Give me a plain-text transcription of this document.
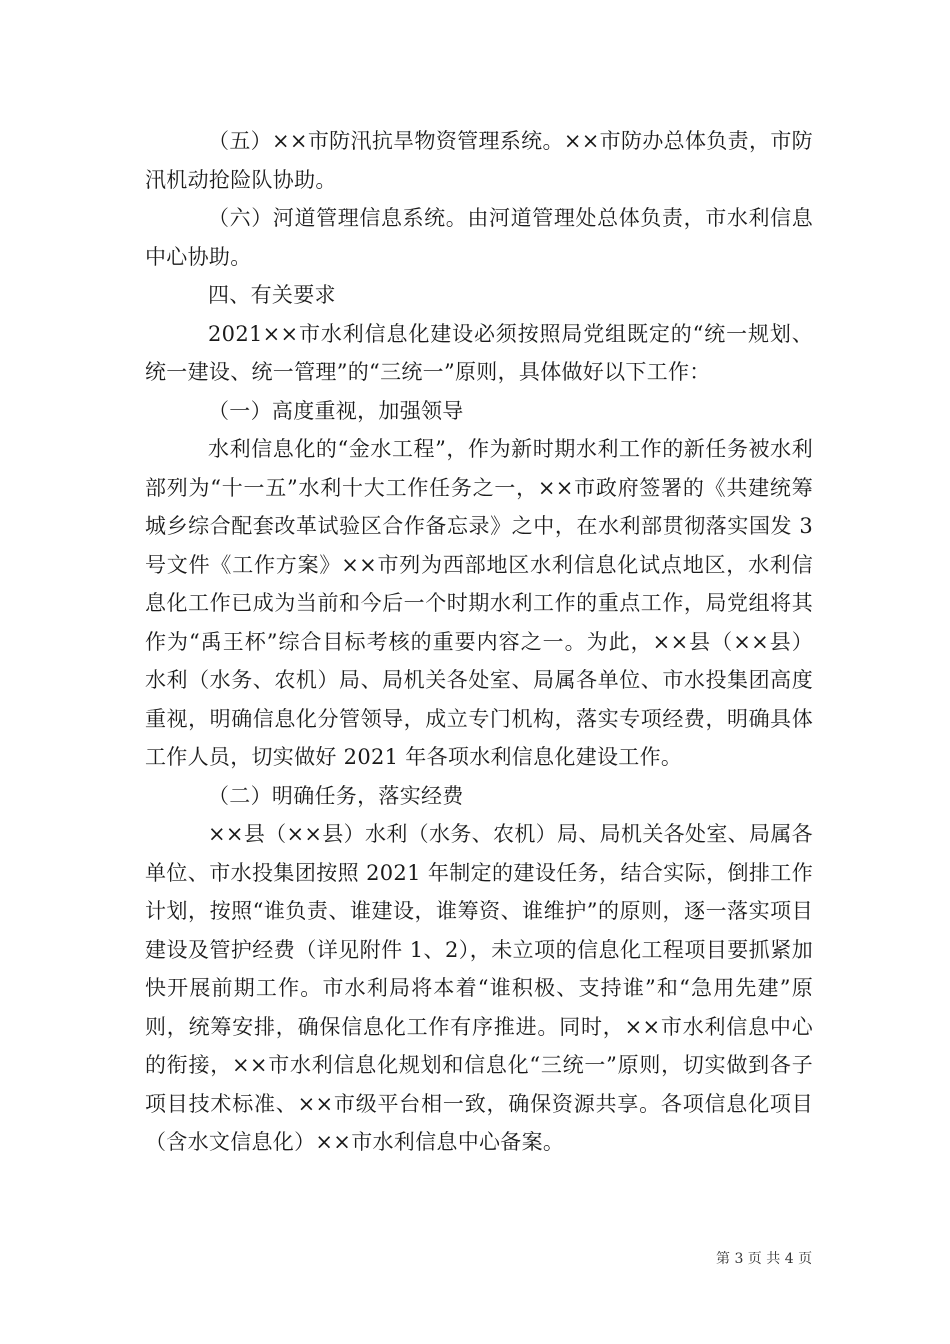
（五）××市防汛抗旱物资管理系统。××市防办总体负责，市防汛机动抢险队协助。

（六）河道管理信息系统。由河道管理处总体负责，市水利信息中心协助。

四、有关要求

2021××市水利信息化建设必须按照局党组既定的“统一规划、统一建设、统一管理”的“三统一”原则，具体做好以下工作：

（一）高度重视，加强领导

水利信息化的“金水工程”，作为新时期水利工作的新任务被水利部列为“十一五”水利十大工作任务之一，××市政府签署的《共建统筹城乡综合配套改革试验区合作备忘录》之中，在水利部贯彻落实国发 3 号文件《工作方案》××市列为西部地区水利信息化试点地区，水利信息化工作已成为当前和今后一个时期水利工作的重点工作，局党组将其作为“禹王杯”综合目标考核的重要内容之一。为此，××县（××县）水利（水务、农机）局、局机关各处室、局属各单位、市水投集团高度重视，明确信息化分管领导，成立专门机构，落实专项经费，明确具体工作人员，切实做好 2021 年各项水利信息化建设工作。

（二）明确任务，落实经费

××县（××县）水利（水务、农机）局、局机关各处室、局属各单位、市水投集团按照 2021 年制定的建设任务，结合实际，倒排工作计划，按照“谁负责、谁建设，谁筹资、谁维护”的原则，逐一落实项目建设及管护经费（详见附件 1、2），未立项的信息化工程项目要抓紧加快开展前期工作。市水利局将本着“谁积极、支持谁”和“急用先建”原则，统筹安排，确保信息化工作有序推进。同时，××市水利信息中心的衔接，××市水利信息化规划和信息化“三统一”原则，切实做到各子项目技术标准、××市级平台相一致，确保资源共享。各项信息化项目（含水文信息化）××市水利信息中心备案。

第 3 页 共 4 页
